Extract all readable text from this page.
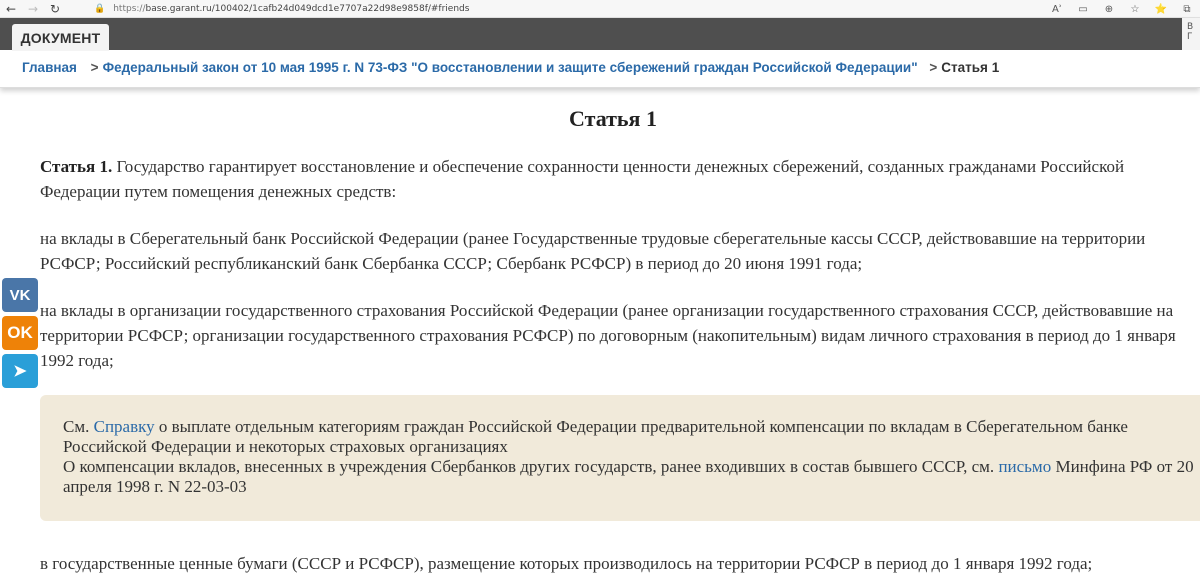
← → ↻	🔒 https://base.garant.ru/100402/1cafb24d049dcd1e7707a22d98e9858f/#friends	Aʾ ▭ ⊕ ☆ ⭐	⧉
ДОКУМЕНТ
B
Г
Главная > Федеральный закон от 10 мая 1995 г. N 73-ФЗ "О восстановлении и защите сбережений граждан Российской Федерации" > Статья 1
VK
OK
➤
Статья 1

Статья 1. Государство гарантирует восстановление и обеспечение сохранности ценности денежных сбережений, созданных гражданами Российской Федерации путем помещения денежных средств:

на вклады в Сберегательный банк Российской Федерации (ранее Государственные трудовые сберегательные кассы СССР, действовавшие на территории РСФСР; Российский республиканский банк Сбербанка СССР; Сбербанк РСФСР) в период до 20 июня 1991 года;

на вклады в организации государственного страхования Российской Федерации (ранее организации государственного страхования СССР, действовавшие на территории РСФСР; организации государственного страхования РСФСР) по договорным (накопительным) видам личного страхования в период до 1 января 1992 года;

См. Справку о выплате отдельным категориям граждан Российской Федерации предварительной компенсации по вкладам в Сберегательном банке Российской Федерации и некоторых страховых организациях
О компенсации вкладов, внесенных в учреждения Сбербанков других государств, ранее входивших в состав бывшего СССР, см. письмо Минфина РФ от 20 апреля 1998 г. N 22-03-03

в государственные ценные бумаги (СССР и РСФСР), размещение которых производилось на территории РСФСР в период до 1 января 1992 года;
